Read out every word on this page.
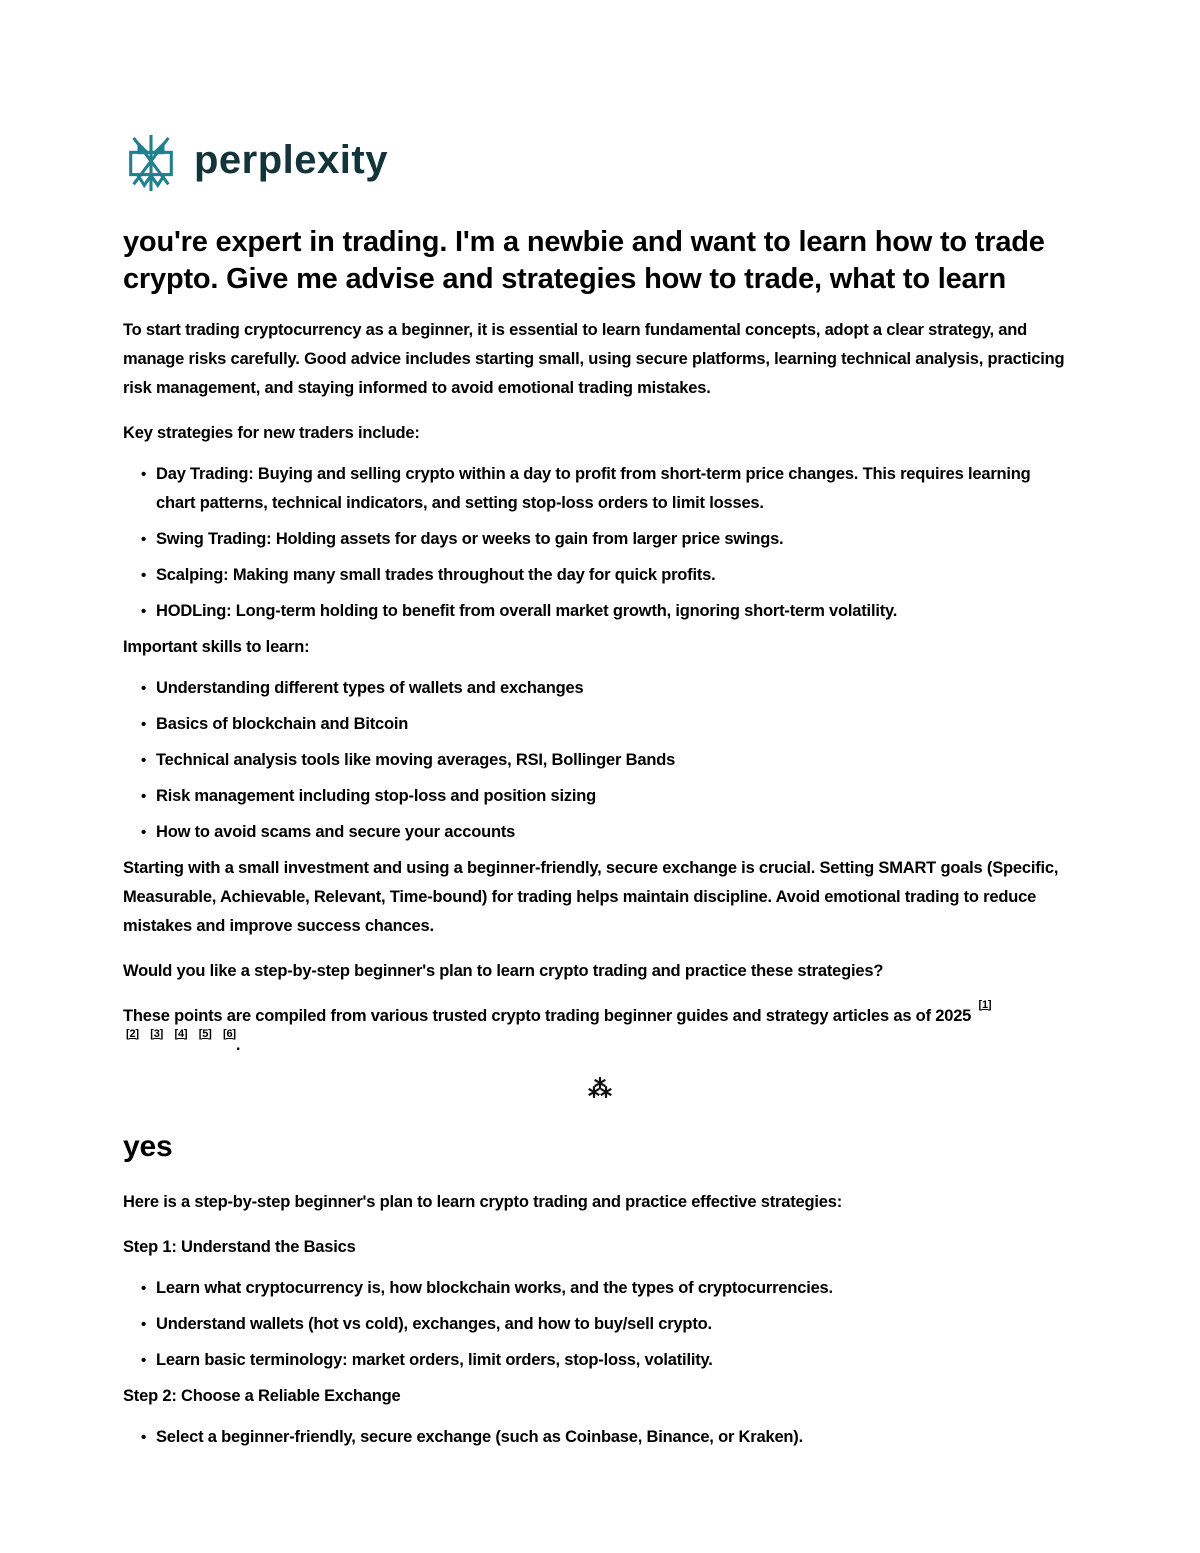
perplexity
you're expert in trading. I'm a newbie and want to learn how to trade crypto. Give me advise and strategies how to trade, what to learn

To start trading cryptocurrency as a beginner, it is essential to learn fundamental concepts, adopt a clear strategy, and manage risks carefully. Good advice includes starting small, using secure platforms, learning technical analysis, practicing risk management, and staying informed to avoid emotional trading mistakes.

Key strategies for new traders include:

• Day Trading: Buying and selling crypto within a day to profit from short-term price changes. This requires learning chart patterns, technical indicators, and setting stop-loss orders to limit losses.
• Swing Trading: Holding assets for days or weeks to gain from larger price swings.
• Scalping: Making many small trades throughout the day for quick profits.
• HODLing: Long-term holding to benefit from overall market growth, ignoring short-term volatility.

Important skills to learn:

• Understanding different types of wallets and exchanges
• Basics of blockchain and Bitcoin
• Technical analysis tools like moving averages, RSI, Bollinger Bands
• Risk management including stop-loss and position sizing
• How to avoid scams and secure your accounts

Starting with a small investment and using a beginner-friendly, secure exchange is crucial. Setting SMART goals (Specific, Measurable, Achievable, Relevant, Time-bound) for trading helps maintain discipline. Avoid emotional trading to reduce mistakes and improve success chances.

Would you like a step-by-step beginner's plan to learn crypto trading and practice these strategies?

These points are compiled from various trusted crypto trading beginner guides and strategy articles as of 2025 [1]
[2] [3] [4] [5] [6].

⁂
yes

Here is a step-by-step beginner's plan to learn crypto trading and practice effective strategies:

Step 1: Understand the Basics

• Learn what cryptocurrency is, how blockchain works, and the types of cryptocurrencies.
• Understand wallets (hot vs cold), exchanges, and how to buy/sell crypto.
• Learn basic terminology: market orders, limit orders, stop-loss, volatility.

Step 2: Choose a Reliable Exchange

• Select a beginner-friendly, secure exchange (such as Coinbase, Binance, or Kraken).
